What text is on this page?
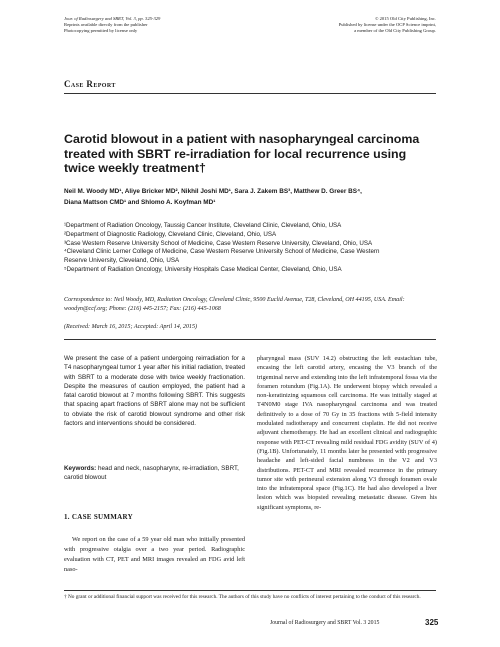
Jour. of Radiosurgery and SBRT, Vol. 3, pp. 325-329
Reprints available directly from the publisher
Photocopying permitted by license only
© 2015 Old City Publishing, Inc.
Published by license under the OCP Science imprint,
a member of the Old City Publishing Group.
Case Report
Carotid blowout in a patient with nasopharyngeal carcinoma treated with SBRT re-irradiation for local recurrence using twice weekly treatment†
Neil M. Woody MD¹, Aliye Bricker MD², Nikhil Joshi MD¹, Sara J. Zakem BS³, Matthew D. Greer BS⁴,
Diana Mattson CMD¹ and Shlomo A. Koyfman MD¹
¹Department of Radiation Oncology, Taussig Cancer Institute, Cleveland Clinic, Cleveland, Ohio, USA
²Department of Diagnostic Radiology, Cleveland Clinic, Cleveland, Ohio, USA
³Case Western Reserve University School of Medicine, Case Western Reserve University, Cleveland, Ohio, USA
⁴Cleveland Clinic Lerner College of Medicine, Case Western Reserve University School of Medicine, Case Western
Reserve University, Cleveland, Ohio, USA
⁵Department of Radiation Oncology, University Hospitals Case Medical Center, Cleveland, Ohio, USA
Correspondence to: Neil Woody, MD, Radiation Oncology, Cleveland Clinic, 9500 Euclid Avenue, T28, Cleveland, OH 44195, USA. Email: woodyn@ccf.org; Phone: (216) 445-2157; Fax: (216) 445-1068
(Received: March 16, 2015; Accepted: April 14, 2015)
We present the case of a patient undergoing reirradiation for a T4 nasopharyngeal tumor 1 year after his initial radiation, treated with SBRT to a moderate dose with twice weekly fractionation. Despite the measures of caution employed, the patient had a fatal carotid blowout at 7 months following SBRT. This suggests that spacing apart fractions of SBRT alone may not be sufficient to obviate the risk of carotid blowout syndrome and other risk factors and interventions should be considered.
Keywords: head and neck, nasopharynx, re-irradiation, SBRT, carotid blowout
1. CASE SUMMARY
We report on the case of a 59 year old man who initially presented with progressive otalgia over a two year period. Radiographic evaluation with CT, PET and MRI images revealed an FDG avid left naso-
pharyngeal mass (SUV 14.2) obstructing the left eustachian tube, encasing the left carotid artery, encasing the V3 branch of the trigeminal nerve and extending into the left infratemporal fossa via the foramen rotundum (Fig.1A). He underwent biopsy which revealed a non-keratinizing squamous cell carcinoma. He was initially staged at T4N0M0 stage IVA nasopharyngeal carcinoma and was treated definitively to a dose of 70 Gy in 35 fractions with 5-field intensity modulated radiotherapy and concurrent cisplatin. He did not receive adjuvant chemotherapy. He had an excellent clinical and radiographic response with PET-CT revealing mild residual FDG avidity (SUV of 4) (Fig.1B). Unfortunately, 11 months later he presented with progressive headache and left-sided facial numbness in the V2 and V3 distributions. PET-CT and MRI revealed recurrence in the primary tumor site with perineural extension along V3 through foramen ovale into the infratemporal space (Fig.1C). He had also developed a liver lesion which was biopsied revealing metastatic disease. Given his significant symptoms, re-
† No grant or additional financial support was received for this research. The authors of this study have no conflicts of interest pertaining to the conduct of this research.
Journal of Radiosurgery and SBRT Vol. 3 2015	325
